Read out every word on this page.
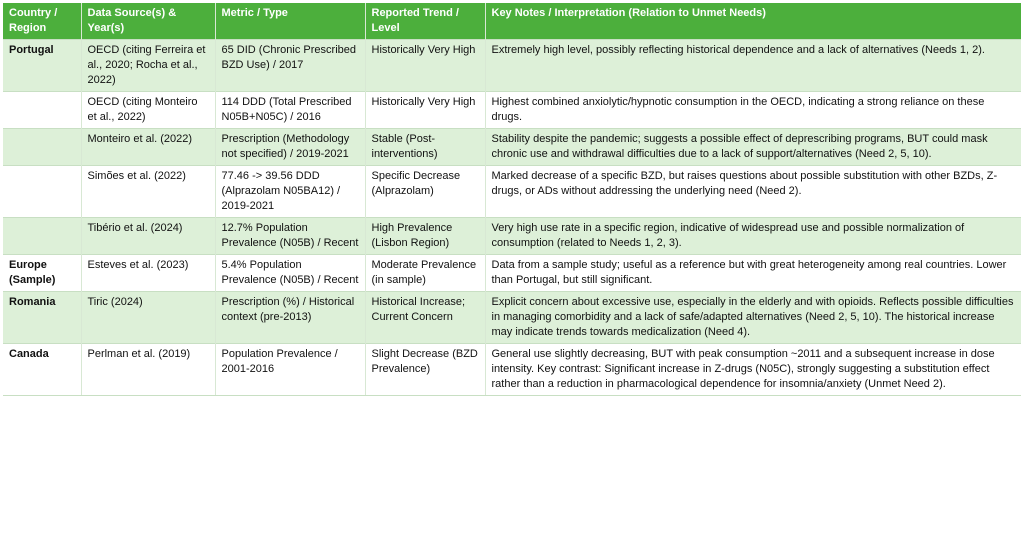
Country / Region	Data Source(s) & Year(s)	Metric / Type	Reported Trend / Level	Key Notes / Interpretation (Relation to Unmet Needs)
Portugal	OECD (citing Ferreira et al., 2020; Rocha et al., 2022)	65 DID (Chronic Prescribed BZD Use) / 2017	Historically Very High	Extremely high level, possibly reflecting historical dependence and a lack of alternatives (Needs 1, 2).
	OECD (citing Monteiro et al., 2022)	114 DDD (Total Prescribed N05B+N05C) / 2016	Historically Very High	Highest combined anxiolytic/hypnotic consumption in the OECD, indicating a strong reliance on these drugs.
	Monteiro et al. (2022)	Prescription (Methodology not specified) / 2019-2021	Stable (Post-interventions)	Stability despite the pandemic; suggests a possible effect of deprescribing programs, BUT could mask chronic use and withdrawal difficulties due to a lack of support/alternatives (Need 2, 5, 10).
	Simões et al. (2022)	77.46 -> 39.56 DDD (Alprazolam N05BA12) / 2019-2021	Specific Decrease (Alprazolam)	Marked decrease of a specific BZD, but raises questions about possible substitution with other BZDs, Z-drugs, or ADs without addressing the underlying need (Need 2).
	Tibério et al. (2024)	12.7% Population Prevalence (N05B) / Recent	High Prevalence (Lisbon Region)	Very high use rate in a specific region, indicative of widespread use and possible normalization of consumption (related to Needs 1, 2, 3).
Europe (Sample)	Esteves et al. (2023)	5.4% Population Prevalence (N05B) / Recent	Moderate Prevalence (in sample)	Data from a sample study; useful as a reference but with great heterogeneity among real countries. Lower than Portugal, but still significant.
Romania	Tiric (2024)	Prescription (%) / Historical context (pre-2013)	Historical Increase; Current Concern	Explicit concern about excessive use, especially in the elderly and with opioids. Reflects possible difficulties in managing comorbidity and a lack of safe/adapted alternatives (Need 2, 5, 10). The historical increase may indicate trends towards medicalization (Need 4).
Canada	Perlman et al. (2019)	Population Prevalence / 2001-2016	Slight Decrease (BZD Prevalence)	General use slightly decreasing, BUT with peak consumption ~2011 and a subsequent increase in dose intensity. Key contrast: Significant increase in Z-drugs (N05C), strongly suggesting a substitution effect rather than a reduction in pharmacological dependence for insomnia/anxiety (Unmet Need 2).
